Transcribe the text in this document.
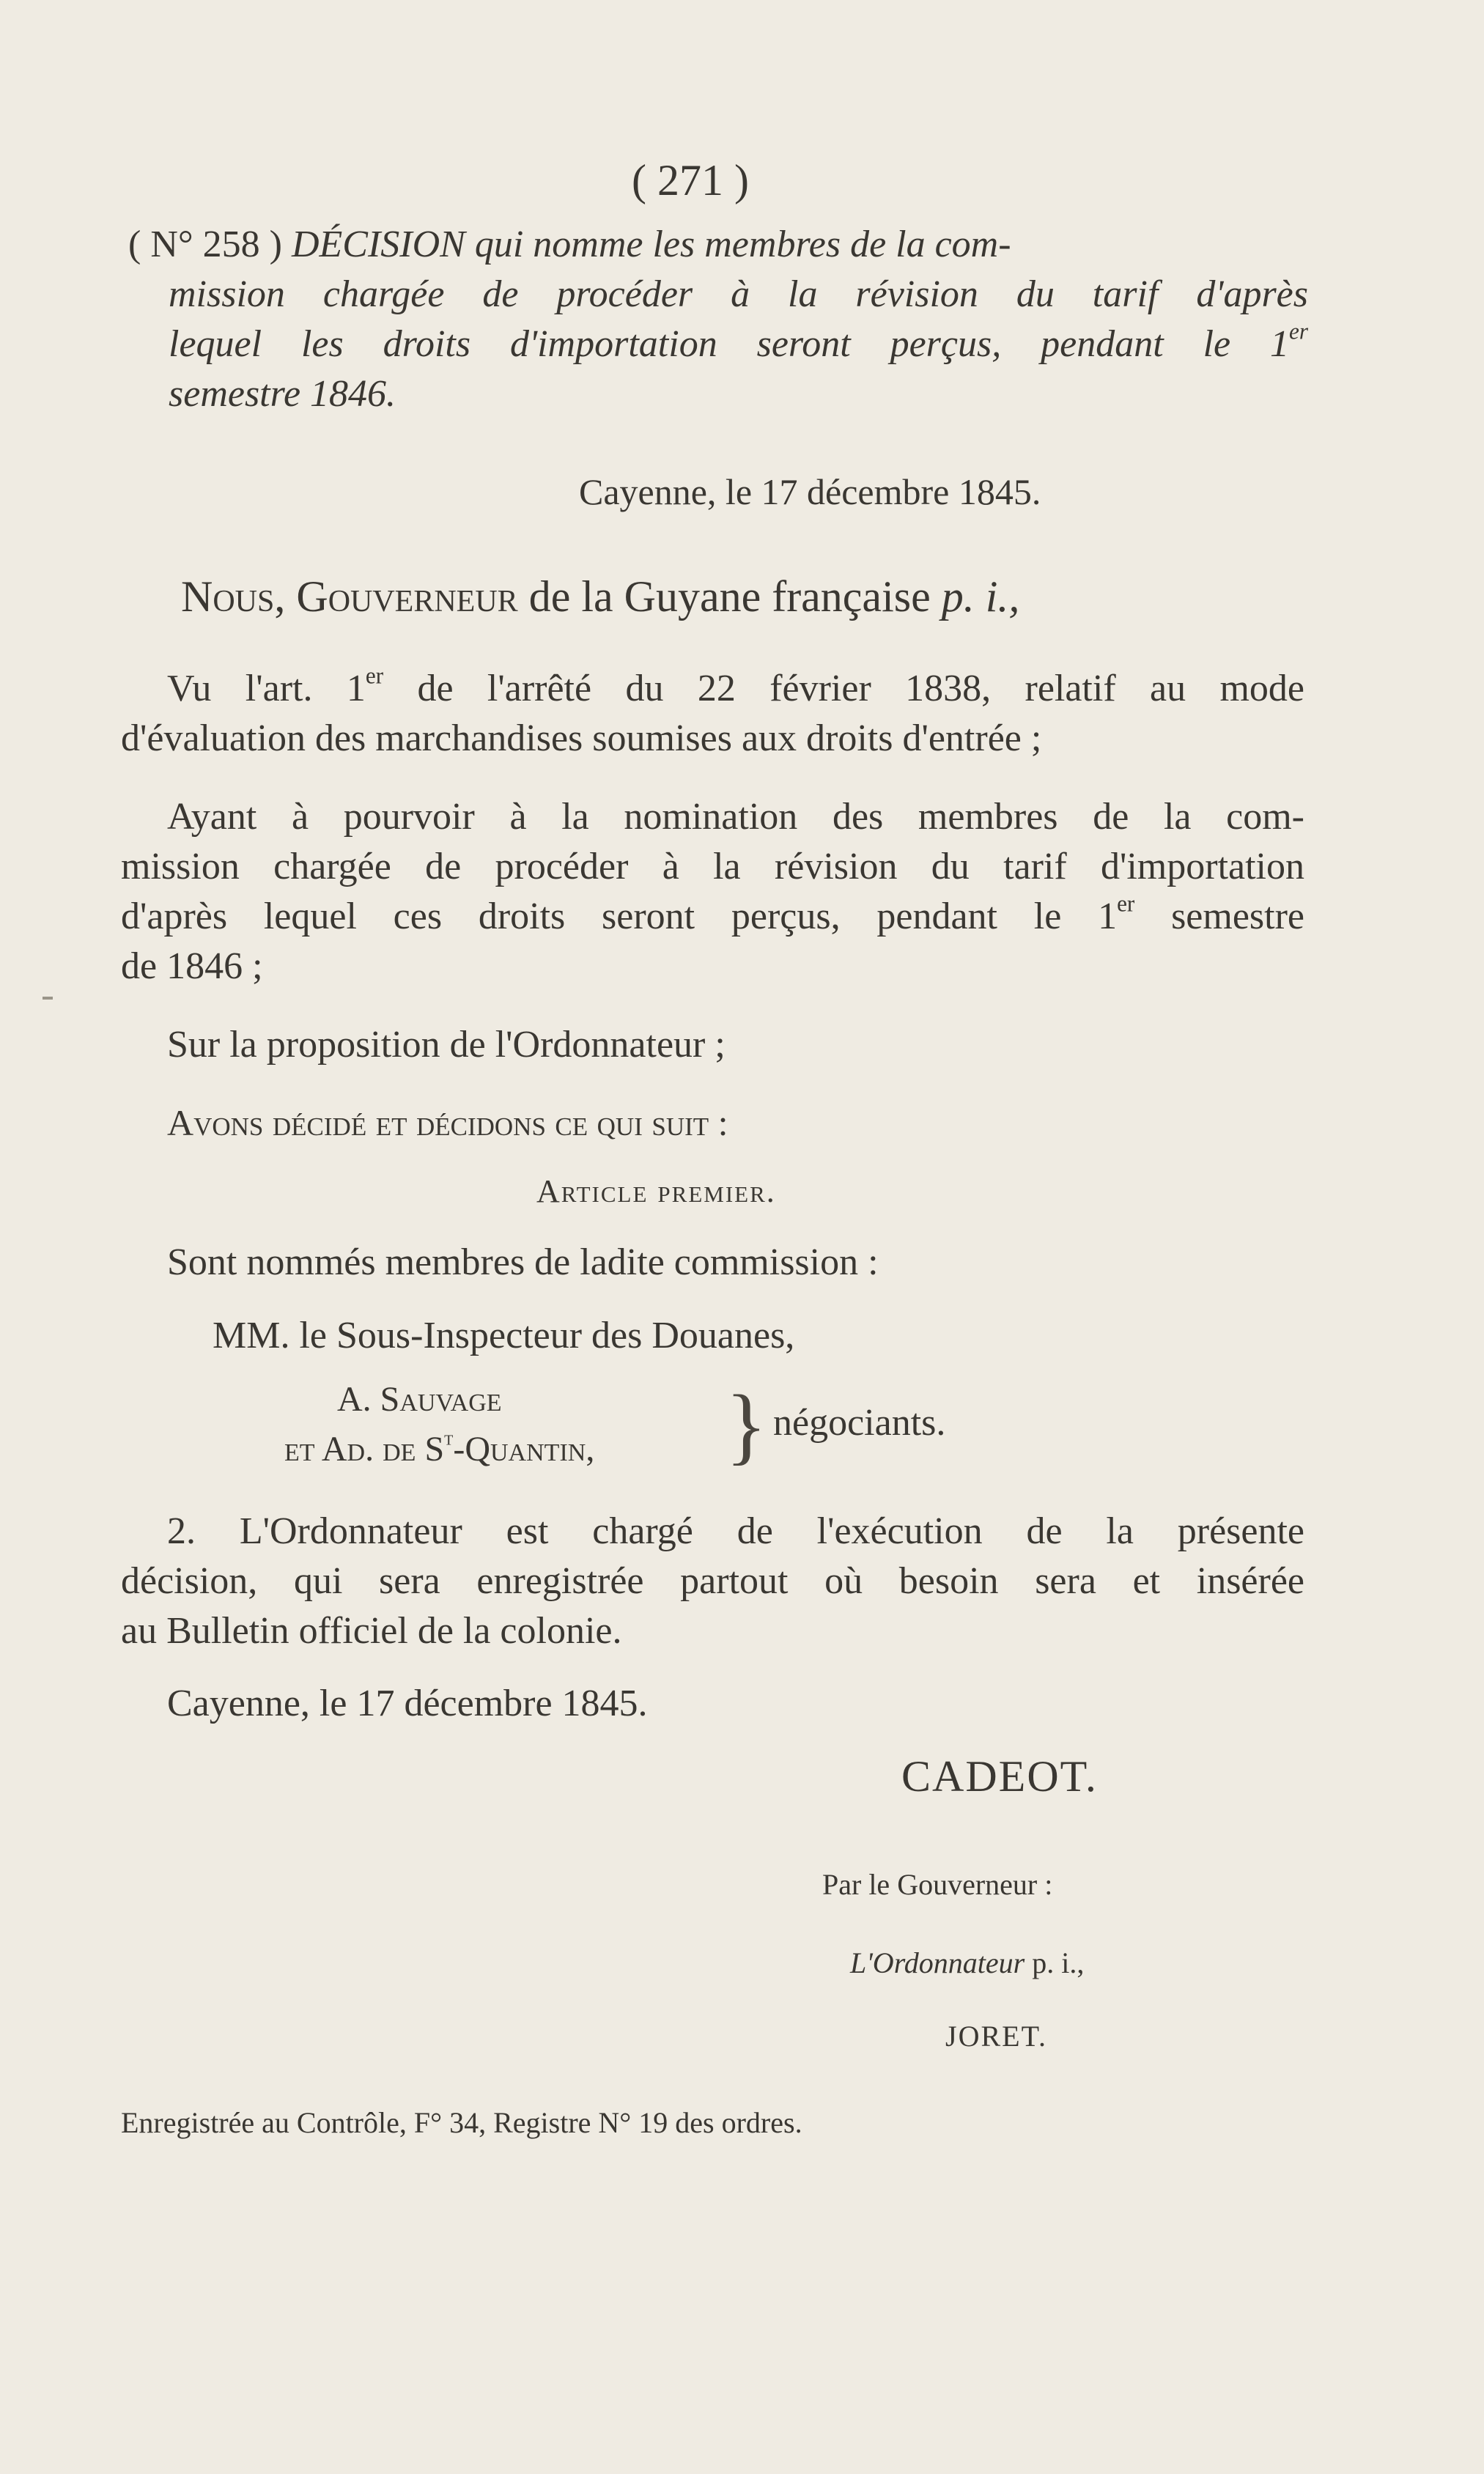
( 271 )
( N° 258 ) DÉCISION qui nomme les membres de la com-
mission chargée de procéder à la révision du tarif d'après
lequel les droits d'importation seront perçus, pendant le 1er
semestre 1846.
Cayenne, le 17 décembre 1845.
Nous, Gouverneur de la Guyane française p. i.,
Vu l'art. 1er de l'arrêté du 22 février 1838, relatif au mode
d'évaluation des marchandises soumises aux droits d'entrée ;
Ayant à pourvoir à la nomination des membres de la com-
mission chargée de procéder à la révision du tarif d'importation
d'après lequel ces droits seront perçus, pendant le 1er semestre
de 1846 ;
Sur la proposition de l'Ordonnateur ;
Avons décidé et décidons ce qui suit :
Article premier.
Sont nommés membres de ladite commission :
MM. le Sous-Inspecteur des Douanes,
A. Sauvage
et Ad. de $S^t$-Quantin, } négociants.
2. L'Ordonnateur est chargé de l'exécution de la présente
décision, qui sera enregistrée partout où besoin sera et insérée
au Bulletin officiel de la colonie.
Cayenne, le 17 décembre 1845.
CADEOT.
Par le Gouverneur :
L'Ordonnateur p. i.,
JORET.
Enregistrée au Contrôle, F° 34, Registre N° 19 des ordres.
